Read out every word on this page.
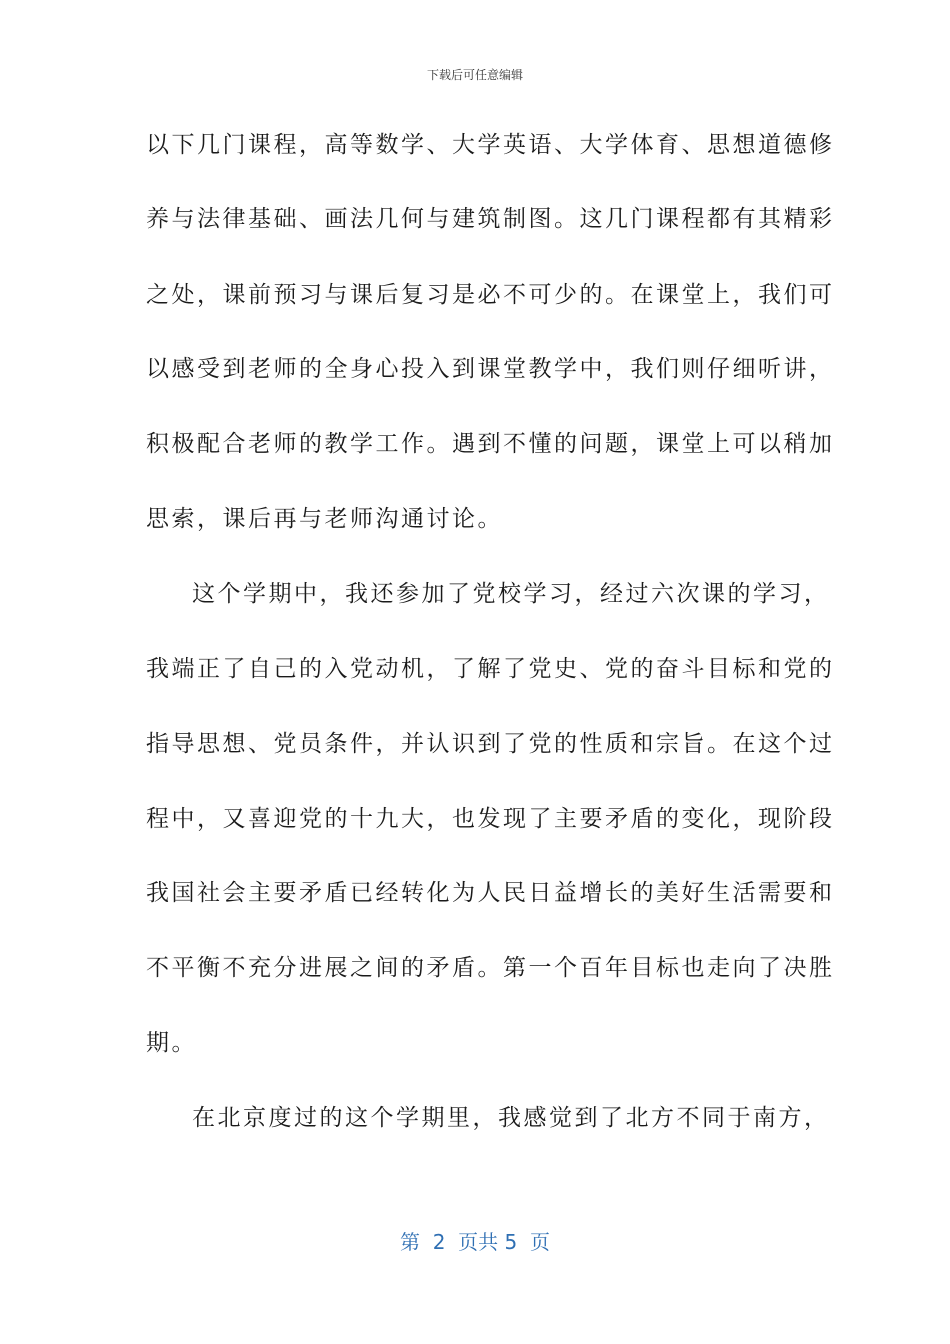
下载后可任意编辑
以下几门课程，高等数学、大学英语、大学体育、思想道德修
养与法律基础、画法几何与建筑制图。这几门课程都有其精彩
之处，课前预习与课后复习是必不可少的。在课堂上，我们可
以感受到老师的全身心投入到课堂教学中，我们则仔细听讲，
积极配合老师的教学工作。遇到不懂的问题，课堂上可以稍加
思索，课后再与老师沟通讨论。
这个学期中，我还参加了党校学习，经过六次课的学习，
我端正了自己的入党动机，了解了党史、党的奋斗目标和党的
指导思想、党员条件，并认识到了党的性质和宗旨。在这个过
程中，又喜迎党的十九大，也发现了主要矛盾的变化，现阶段
我国社会主要矛盾已经转化为人民日益增长的美好生活需要和
不平衡不充分进展之间的矛盾。第一个百年目标也走向了决胜
期。
在北京度过的这个学期里，我感觉到了北方不同于南方，
第  2  页共 5  页
